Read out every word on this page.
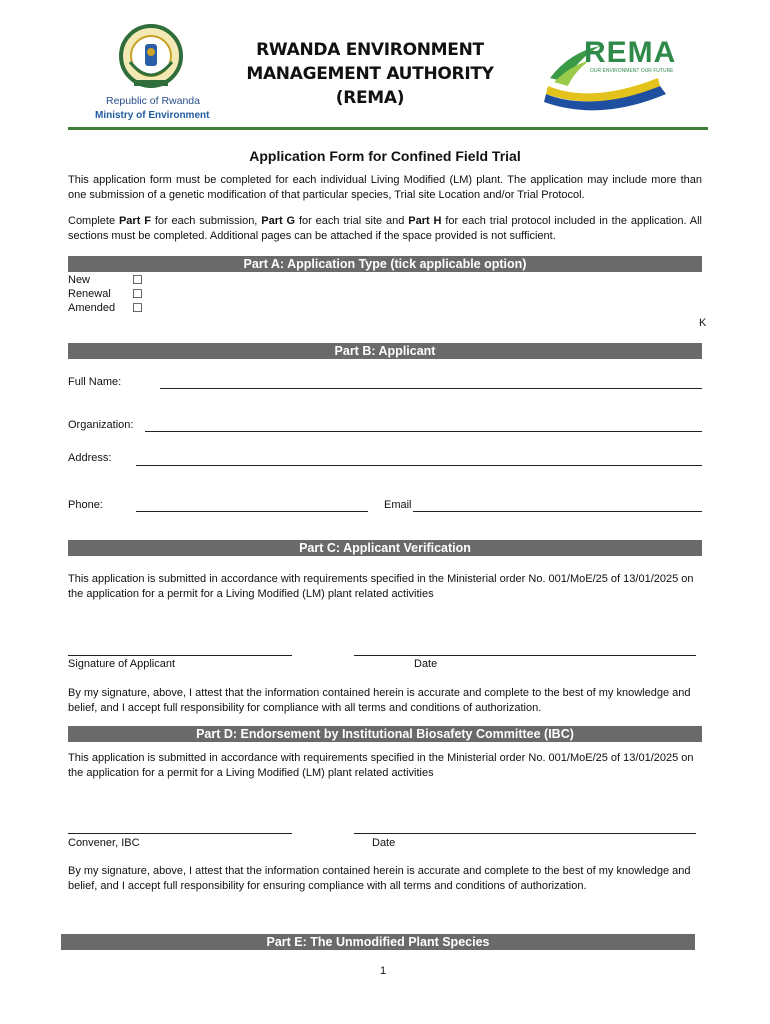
Republic of Rwanda
Ministry of Environment
RWANDA ENVIRONMENT
MANAGEMENT AUTHORITY
(REMA)
REMA
OUR ENVIRONMENT OUR FUTURE
Application Form for Confined Field Trial
This application form must be completed for each individual Living Modified (LM) plant. The application may include more than one submission of a genetic modification of that particular species, Trial site Location and/or Trial Protocol.
Complete Part F for each submission, Part G for each trial site and Part H for each trial protocol included in the application. All sections must be completed. Additional pages can be attached if the space provided is not sufficient.
Part A: Application Type (tick applicable option)
New	☐
Renewal ☐
Amended ☐
K
Part B: Applicant
Full Name:
Organization:
Address:
Phone:	Email
Part C: Applicant Verification
This application is submitted in accordance with requirements specified in the Ministerial order No. 001/MoE/25 of 13/01/2025 on the application for a permit for a Living Modified (LM) plant related activities
Signature of Applicant	Date
By my signature, above, I attest that the information contained herein is accurate and complete to the best of my knowledge and belief, and I accept full responsibility for compliance with all terms and conditions of authorization.
Part D: Endorsement by Institutional Biosafety Committee (IBC)
This application is submitted in accordance with requirements specified in the Ministerial order No. 001/MoE/25 of 13/01/2025 on the application for a permit for a Living Modified (LM) plant related activities
Convener, IBC	Date
By my signature, above, I attest that the information contained herein is accurate and complete to the best of my knowledge and belief, and I accept full responsibility for ensuring compliance with all terms and conditions of authorization.
Part E: The Unmodified Plant Species
1
